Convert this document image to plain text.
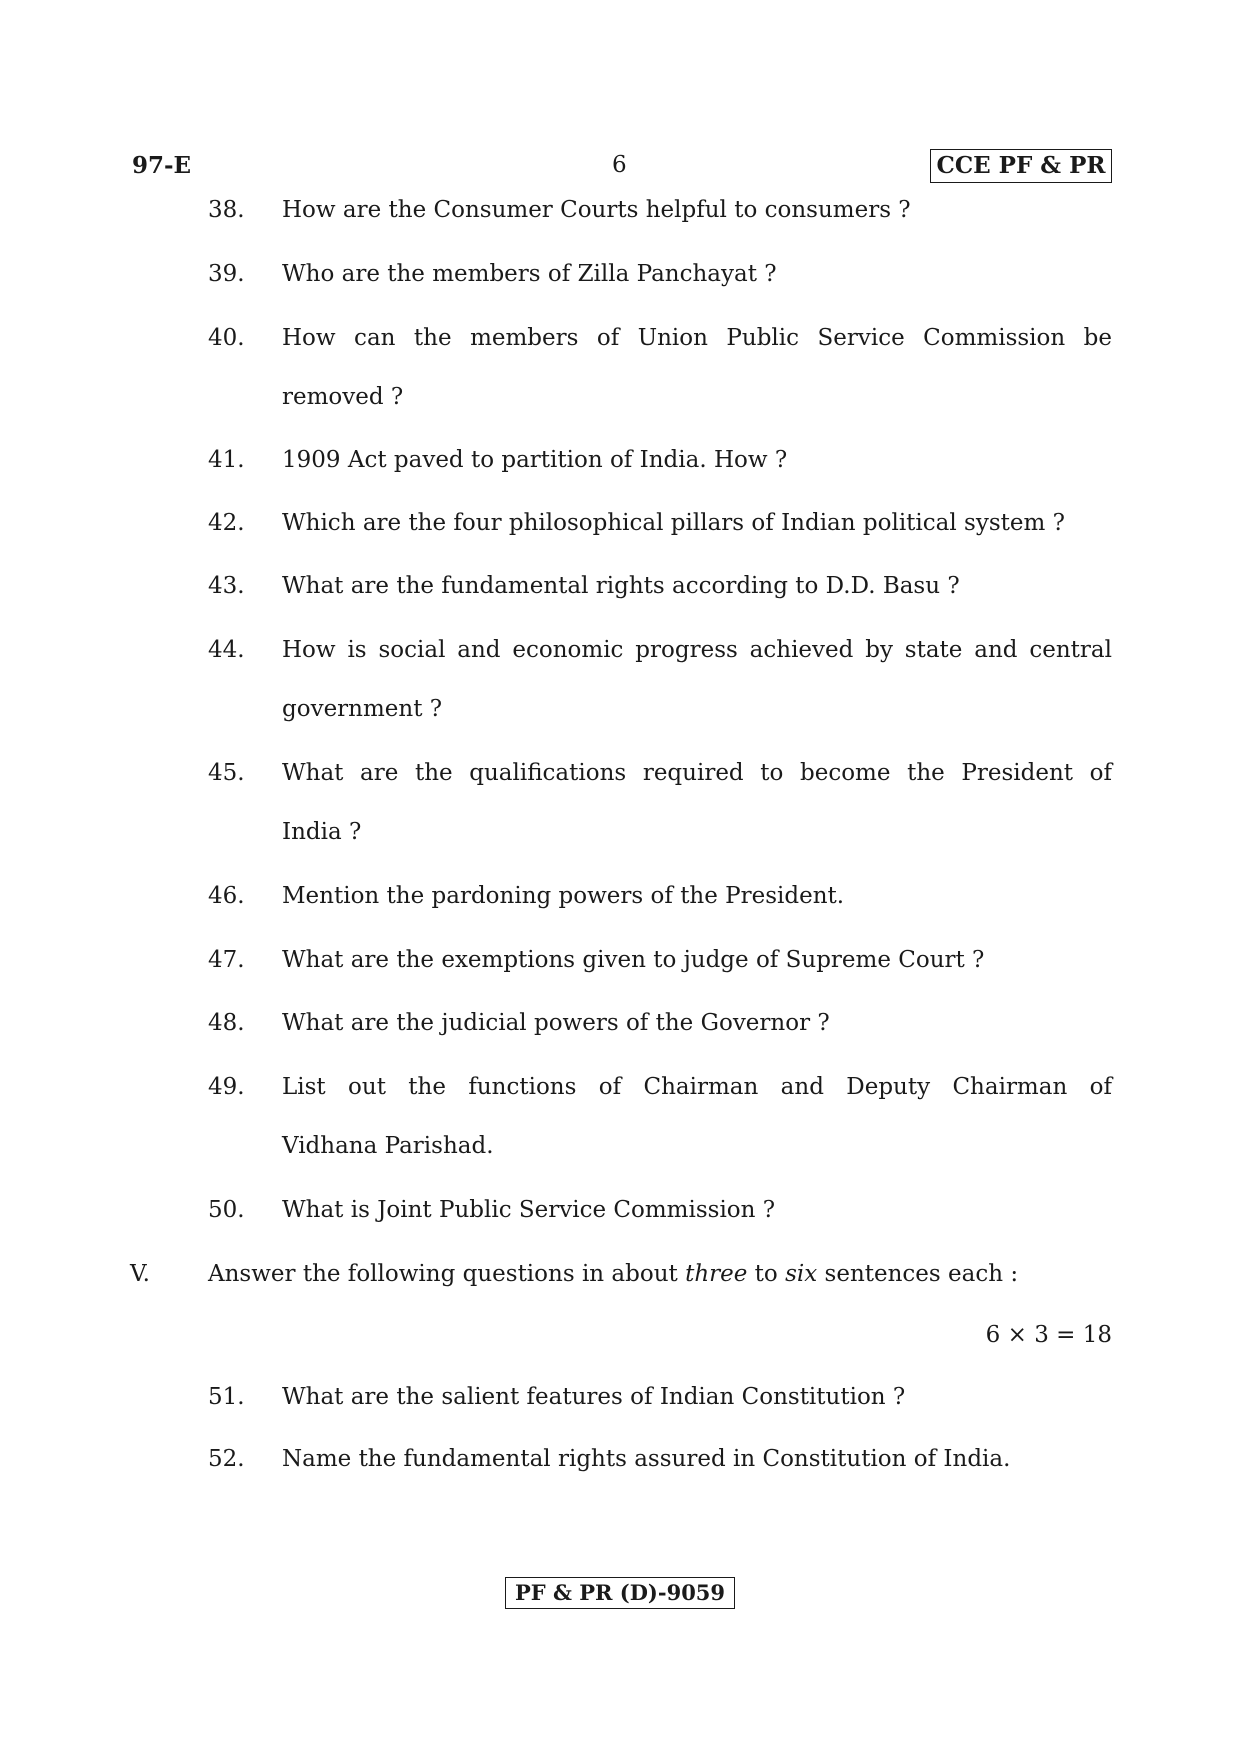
97-E	6	CCE PF & PR
38. How are the Consumer Courts helpful to consumers ?
39. Who are the members of Zilla Panchayat ?
40. How can the members of Union Public Service Commission be
removed ?
41. 1909 Act paved to partition of India. How ?
42. Which are the four philosophical pillars of Indian political system ?
43. What are the fundamental rights according to D.D. Basu ?
44. How is social and economic progress achieved by state and central
government ?
45. What are the qualifications required to become the President of
India ?
46. Mention the pardoning powers of the President.
47. What are the exemptions given to judge of Supreme Court ?
48. What are the judicial powers of the Governor ?
49. List out the functions of Chairman and Deputy Chairman of
Vidhana Parishad.
50. What is Joint Public Service Commission ?
V.	Answer the following questions in about three to six sentences each :
6 × 3 = 18
51. What are the salient features of Indian Constitution ?
52. Name the fundamental rights assured in Constitution of India.
PF & PR (D)-9059
